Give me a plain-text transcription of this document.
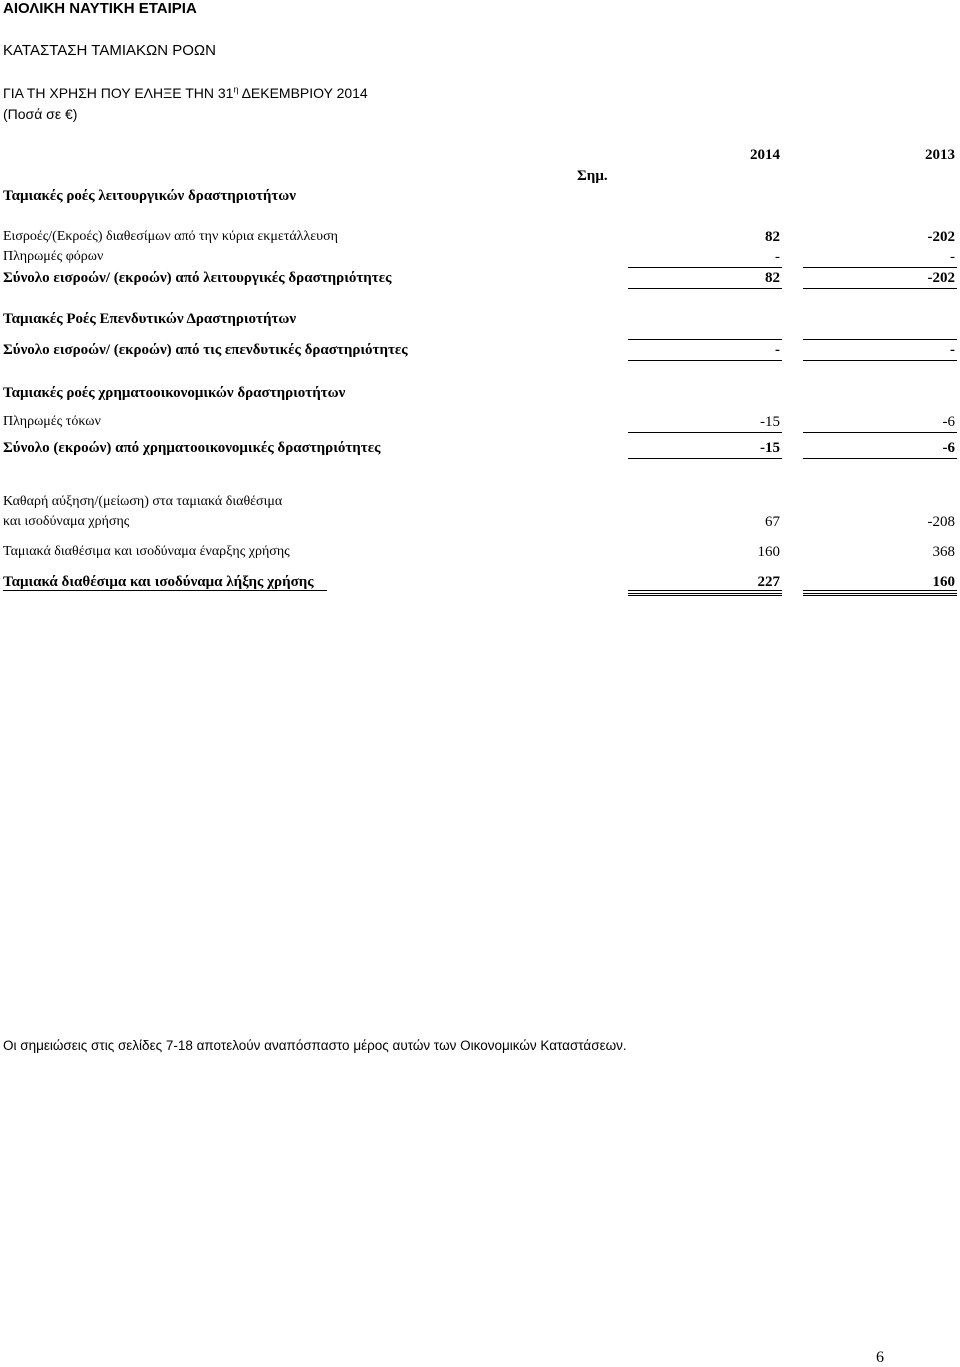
ΑΙΟΛΙΚΗ ΝΑΥΤΙΚΗ ΕΤΑΙΡΙΑ
ΚΑΤΑΣΤΑΣΗ ΤΑΜΙΑΚΩΝ ΡΟΩΝ
ΓΙΑ ΤΗ ΧΡΗΣΗ ΠΟΥ ΕΛΗΞΕ ΤΗΝ $31^\eta$ ΔΕΚΕΜΒΡΙΟΥ 2014
(Ποσά σε €)
2014	2013
Σημ.
Ταμιακές ροές λειτουργικών δραστηριοτήτων
Εισροές/(Εκροές) διαθεσίμων από την κύρια εκμετάλλευση	82	-202
Πληρωμές φόρων	-	-
Σύνολο εισροών/ (εκροών) από λειτουργικές δραστηριότητες	82	-202
Ταμιακές Ροές Επενδυτικών Δραστηριοτήτων
Σύνολο εισροών/ (εκροών) από τις επενδυτικές δραστηριότητες	-	-
Ταμιακές ροές χρηματοοικονομικών δραστηριοτήτων
Πληρωμές τόκων	-15	-6
Σύνολο (εκροών) από χρηματοοικονομικές δραστηριότητες	-15	-6
Καθαρή αύξηση/(μείωση) στα ταμιακά διαθέσιμα
και ισοδύναμα χρήσης	67	-208
Ταμιακά διαθέσιμα και ισοδύναμα έναρξης χρήσης	160	368
Ταμιακά διαθέσιμα και ισοδύναμα λήξης χρήσης	227	160
Οι σημειώσεις στις σελίδες 7-18 αποτελούν αναπόσπαστο μέρος αυτών των Οικονομικών Καταστάσεων.
6
